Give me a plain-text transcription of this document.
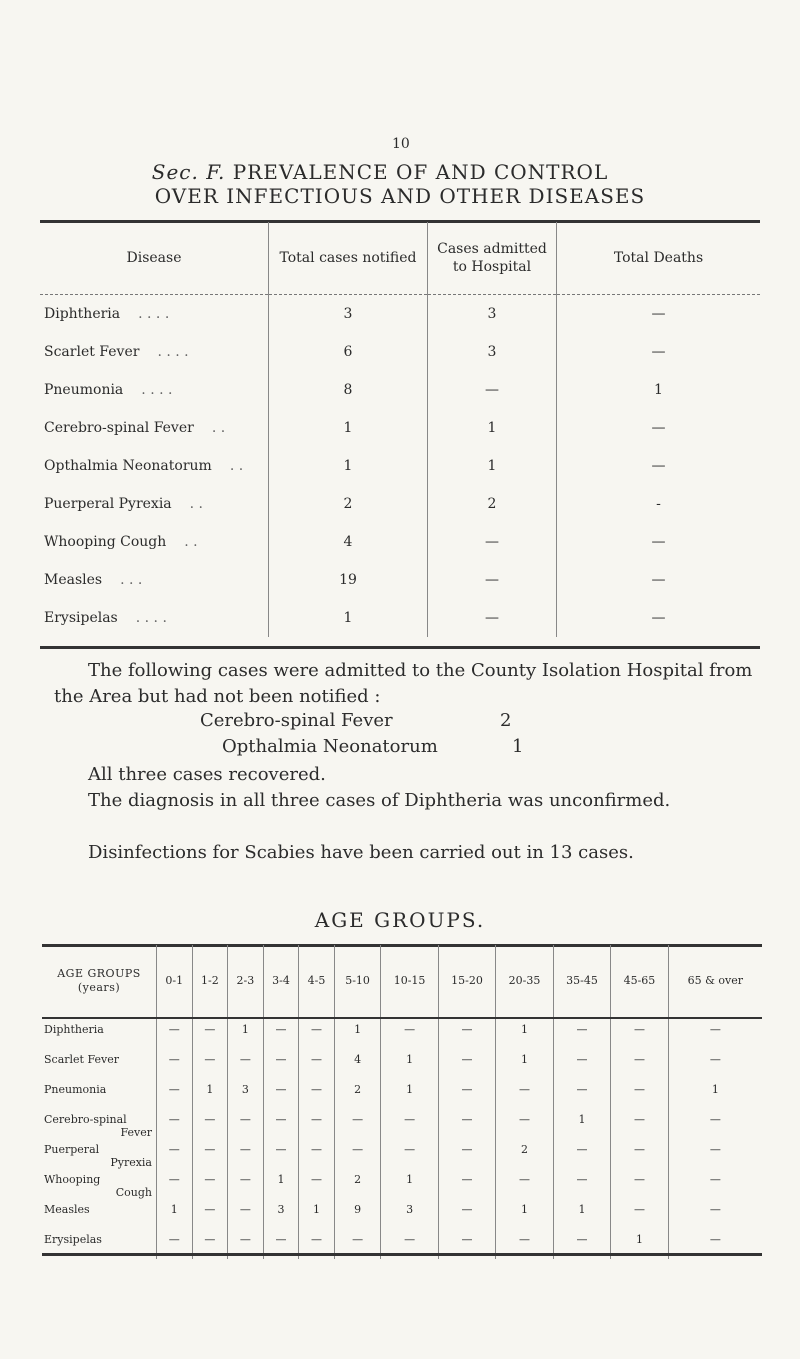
10
Sec. F. PREVALENCE OF AND CONTROL
OVER INFECTIOUS AND OTHER DISEASES
Disease	Total cases notified	Cases admitted to Hospital	Total Deaths
Diphtheria . . . .	3	3	—
Scarlet Fever . . . .	6	3	—
Pneumonia . . . .	8	—	1
Cerebro-spinal Fever . .	1	1	—
Opthalmia Neonatorum . .	1	1	—
Puerperal Pyrexia . .	2	2	-
Whooping Cough . .	4	—	—
Measles . . .	19	—	—
Erysipelas . . . .	1	—	—
The following cases were admitted to the County Isolation Hospital from the Area but had not been notified :
Cerebro-spinal Fever	2
Opthalmia Neonatorum	1
All three cases recovered.
The diagnosis in all three cases of Diphtheria was unconfirmed.
Disinfections for Scabies have been carried out in 13 cases.
AGE GROUPS.
AGE GROUPS (years)	0-1	1-2	2-3	3-4	4-5	5-10	10-15	15-20	20-35	35-45	45-65	65 & over
Diphtheria	—	—	1	—	—	1	—	—	1	—	—	—
Scarlet Fever	—	—	—	—	—	4	1	—	1	—	—	—
Pneumonia	—	1	3	—	—	2	1	—	—	—	—	1
Cerebro-spinal
Fever	—	—	—	—	—	—	—	—	—	1	—	—
Puerperal
Pyrexia	—	—	—	—	—	—	—	—	2	—	—	—
Whooping
Cough	—	—	—	1	—	2	1	—	—	—	—	—
Measles	1	—	—	3	1	9	3	—	1	1	—	—
Erysipelas	—	—	—	—	—	—	—	—	—	—	1	—
